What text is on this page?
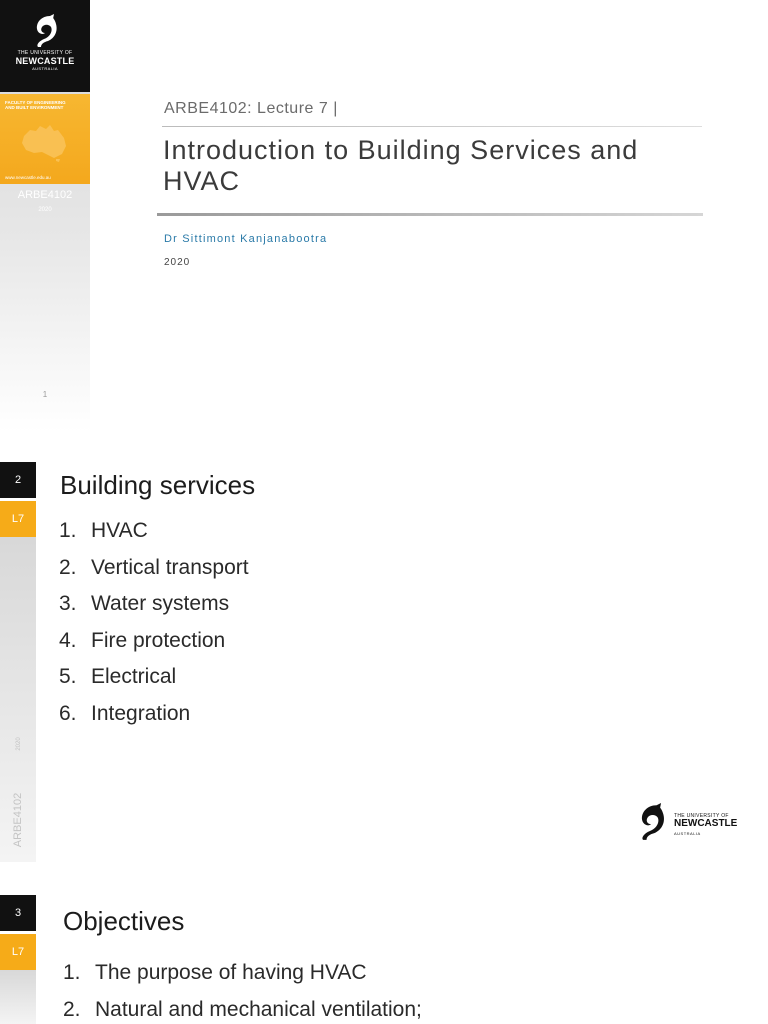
THE UNIVERSITY OF
NEWCASTLE
AUSTRALIA
FACULTY OF ENGINEERING AND BUILT ENVIRONMENT
www.newcastle.edu.au
ARBE4102
2020
1
ARBE4102: Lecture 7 |
Introduction to Building Services and HVAC
Dr Sittimont Kanjanabootra
2020
2
L7
2020
ARBE4102
Building services
1. HVAC
2. Vertical transport
3. Water systems
4. Fire protection
5. Electrical
6. Integration
THE UNIVERSITY OF
NEWCASTLE
AUSTRALIA
3
L7
Objectives
1. The purpose of having HVAC
2. Natural and mechanical ventilation;
